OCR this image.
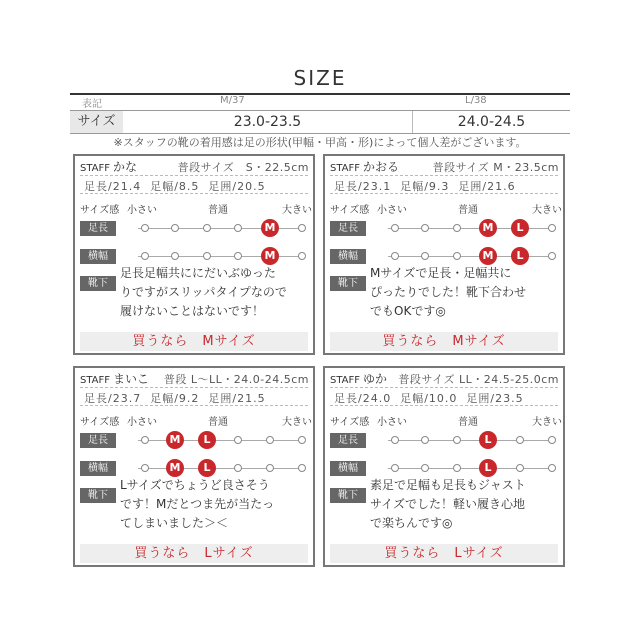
SIZE
表記	M/37	L/38
サイズ	23.0-23.5	24.0-24.5
※スタッフの靴の着用感は足の形状(甲幅・甲高・形)によって個人差がございます。
STAFF かな	普段サイズ　S・22.5cm
足長/21.4 足幅/8.5 足囲/20.5
サイズ感 小さい	普通	大きい
足長	M
横幅	M
靴下
足長足幅共ににだいぶゆった
りですがスリッパタイプなので
履けないことはないです！
買うなら　Mサイズ
STAFF かおる	普段サイズ M・23.5cm
足長/23.1 足幅/9.3 足囲/21.6
サイズ感 小さい	普通	大きい
足長	M	L
横幅	M	L
靴下
Mサイズで足長・足幅共に
ぴったりでした！靴下合わせ
でもOKです◎
買うなら　Mサイズ
STAFF まいこ 普段 L～LL・24.0-24.5cm
足長/23.7 足幅/9.2 足囲/21.5
サイズ感 小さい	普通	大きい
足長	M	L
横幅	M	L
靴下
Lサイズでちょうど良さそう
です！Mだとつま先が当たっ
てしまいました＞＜
買うなら　Lサイズ
STAFF ゆか 普段サイズ LL・24.5-25.0cm
足長/24.0 足幅/10.0 足囲/23.5
サイズ感 小さい	普通	大きい
足長	L
横幅	L
靴下
素足で足幅も足長もジャスト
サイズでした！軽い履き心地
で楽ちんです◎
買うなら　Lサイズ
